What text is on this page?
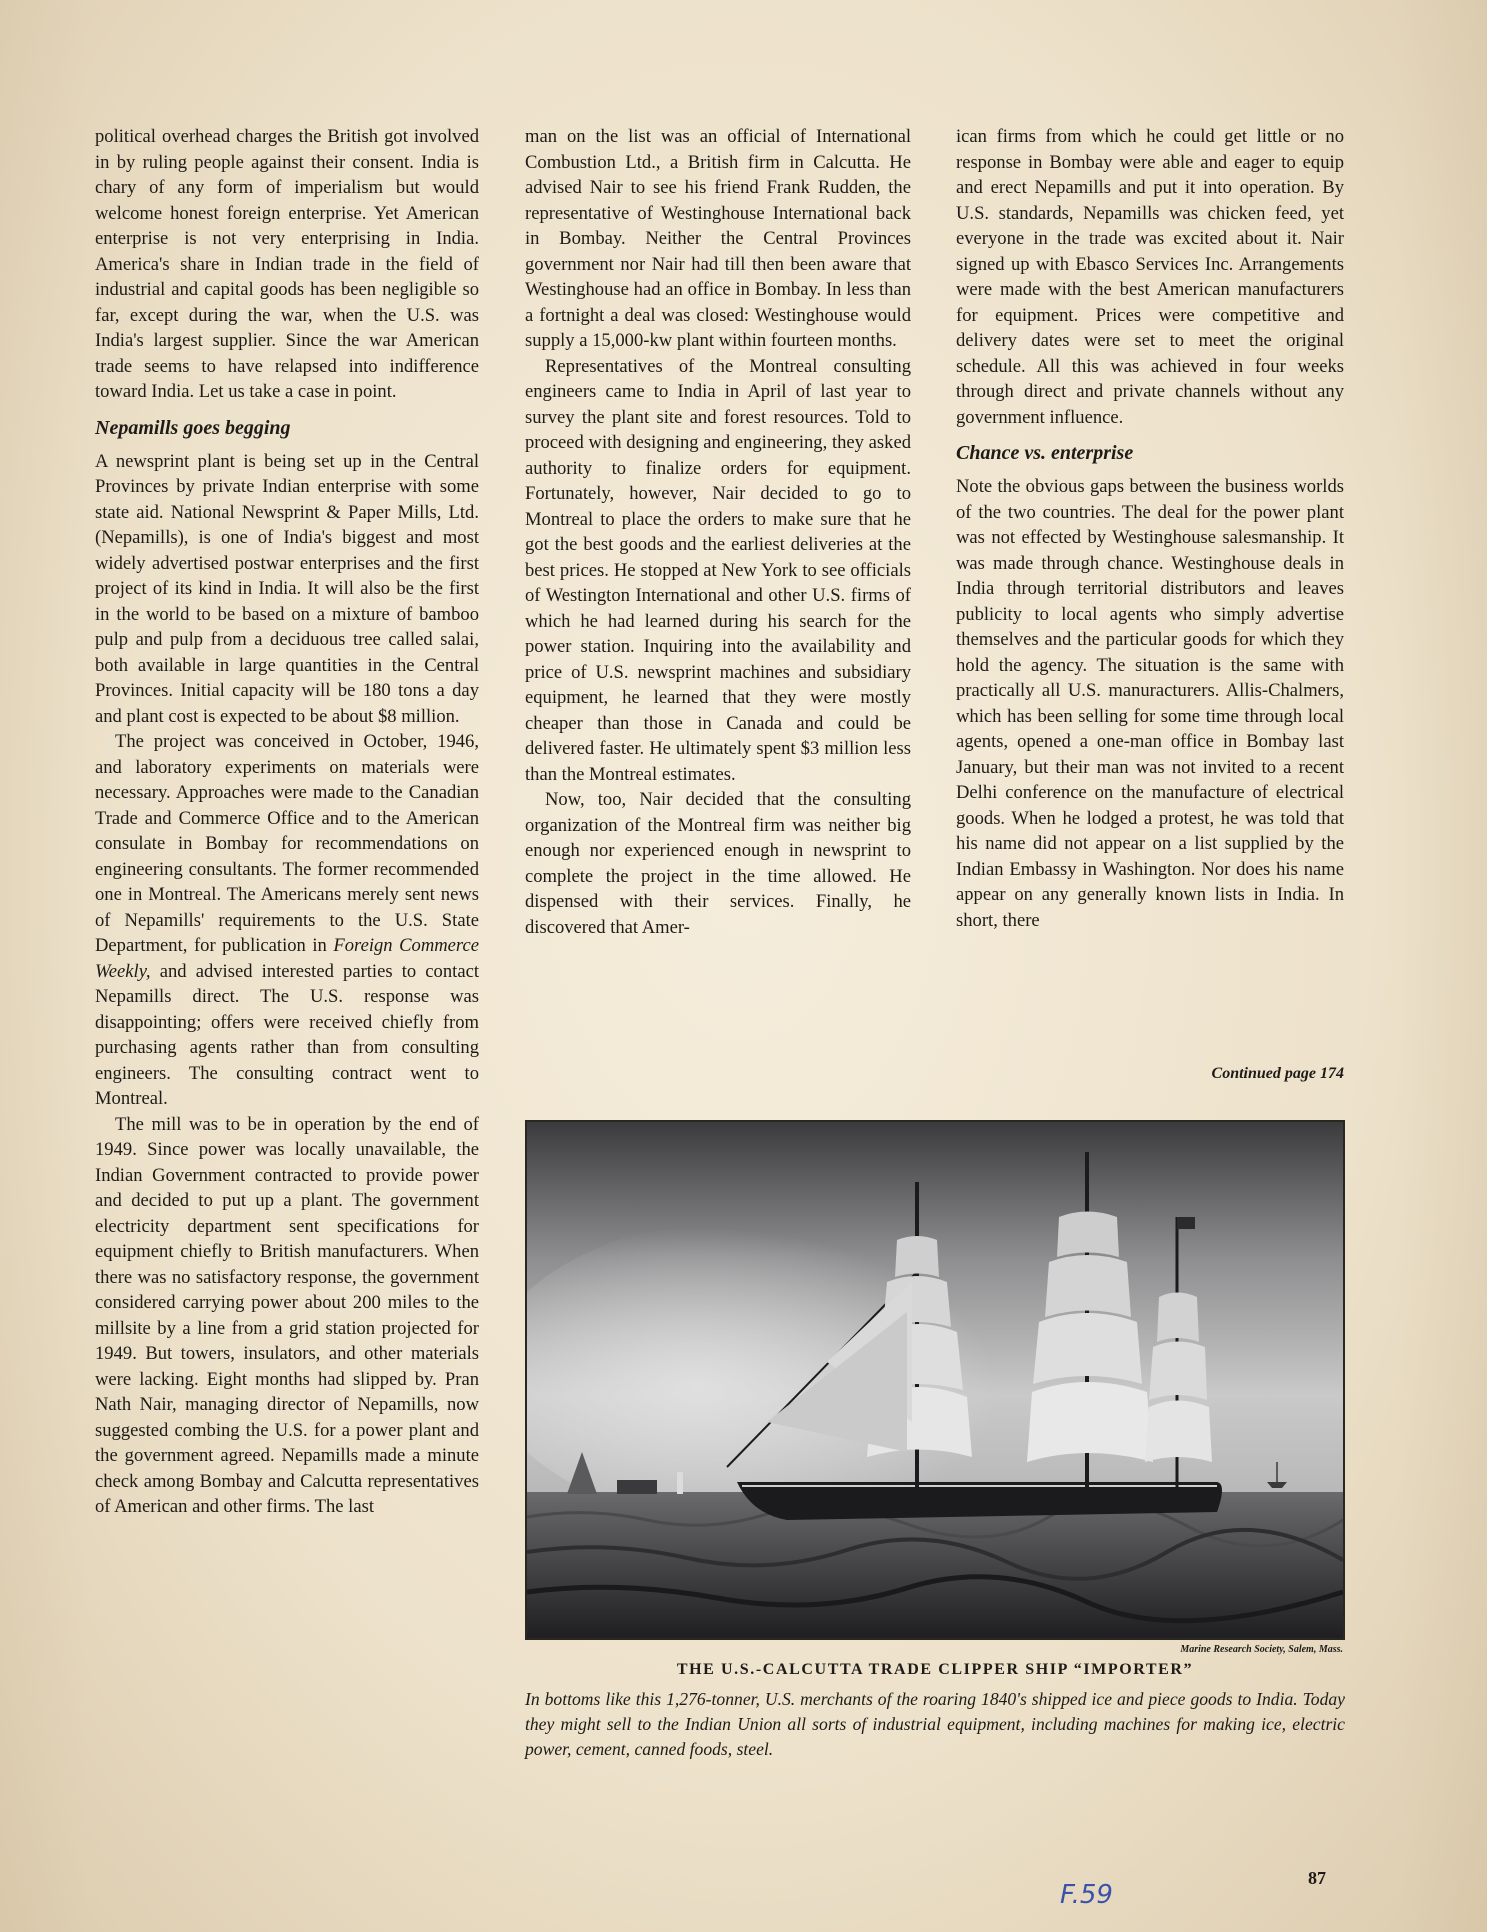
political overhead charges the British got involved in by ruling people against their consent. India is chary of any form of imperialism but would welcome honest foreign enterprise. Yet American enterprise is not very enterprising in India. America's share in Indian trade in the field of industrial and capital goods has been negligible so far, except during the war, when the U.S. was India's largest supplier. Since the war American trade seems to have relapsed into indifference toward India. Let us take a case in point.

Nepamills goes begging

A newsprint plant is being set up in the Central Provinces by private Indian enterprise with some state aid. National Newsprint & Paper Mills, Ltd. (Nepamills), is one of India's biggest and most widely advertised postwar enterprises and the first project of its kind in India. It will also be the first in the world to be based on a mixture of bamboo pulp and pulp from a deciduous tree called salai, both available in large quantities in the Central Provinces. Initial capacity will be 180 tons a day and plant cost is expected to be about $8 million.

The project was conceived in October, 1946, and laboratory experiments on materials were necessary. Approaches were made to the Canadian Trade and Commerce Office and to the American consulate in Bombay for recommendations on engineering consultants. The former recommended one in Montreal. The Americans merely sent news of Nepamills' requirements to the U.S. State Department, for publication in Foreign Commerce Weekly, and advised interested parties to contact Nepamills direct. The U.S. response was disappointing; offers were received chiefly from purchasing agents rather than from consulting engineers. The consulting contract went to Montreal.

The mill was to be in operation by the end of 1949. Since power was locally unavailable, the Indian Government contracted to provide power and decided to put up a plant. The government electricity department sent specifications for equipment chiefly to British manufacturers. When there was no satisfactory response, the government considered carrying power about 200 miles to the millsite by a line from a grid station projected for 1949. But towers, insulators, and other materials were lacking. Eight months had slipped by. Pran Nath Nair, managing director of Nepamills, now suggested combing the U.S. for a power plant and the government agreed. Nepamills made a minute check among Bombay and Calcutta representatives of American and other firms. The last

man on the list was an official of International Combustion Ltd., a British firm in Calcutta. He advised Nair to see his friend Frank Rudden, the representative of Westinghouse International back in Bombay. Neither the Central Provinces government nor Nair had till then been aware that Westinghouse had an office in Bombay. In less than a fortnight a deal was closed: Westinghouse would supply a 15,000-kw plant within fourteen months.

Representatives of the Montreal consulting engineers came to India in April of last year to survey the plant site and forest resources. Told to proceed with designing and engineering, they asked authority to finalize orders for equipment. Fortunately, however, Nair decided to go to Montreal to place the orders to make sure that he got the best goods and the earliest deliveries at the best prices. He stopped at New York to see officials of Westington International and other U.S. firms of which he had learned during his search for the power station. Inquiring into the availability and price of U.S. newsprint machines and subsidiary equipment, he learned that they were mostly cheaper than those in Canada and could be delivered faster. He ultimately spent $3 million less than the Montreal estimates.

Now, too, Nair decided that the consulting organization of the Montreal firm was neither big enough nor experienced enough in newsprint to complete the project in the time allowed. He dispensed with their services. Finally, he discovered that Amer-

ican firms from which he could get little or no response in Bombay were able and eager to equip and erect Nepamills and put it into operation. By U.S. standards, Nepamills was chicken feed, yet everyone in the trade was excited about it. Nair signed up with Ebasco Services Inc. Arrangements were made with the best American manufacturers for equipment. Prices were competitive and delivery dates were set to meet the original schedule. All this was achieved in four weeks through direct and private channels without any government influence.

Chance vs. enterprise

Note the obvious gaps between the business worlds of the two countries. The deal for the power plant was not effected by Westinghouse salesmanship. It was made through chance. Westinghouse deals in India through territorial distributors and leaves publicity to local agents who simply advertise themselves and the particular goods for which they hold the agency. The situation is the same with practically all U.S. manuracturers. Allis-Chalmers, which has been selling for some time through local agents, opened a one-man office in Bombay last January, but their man was not invited to a recent Delhi conference on the manufacture of electrical goods. When he lodged a protest, he was told that his name did not appear on a list supplied by the Indian Embassy in Washington. Nor does his name appear on any generally known lists in India. In short, there

Continued page 174
Marine Research Society, Salem, Mass.
THE U.S.-CALCUTTA TRADE CLIPPER SHIP “IMPORTER”
In bottoms like this 1,276-tonner, U.S. merchants of the roaring 1840's shipped ice and piece goods to India. Today they might sell to the Indian Union all sorts of industrial equipment, including machines for making ice, electric power, cement, canned foods, steel.
87
F.59
